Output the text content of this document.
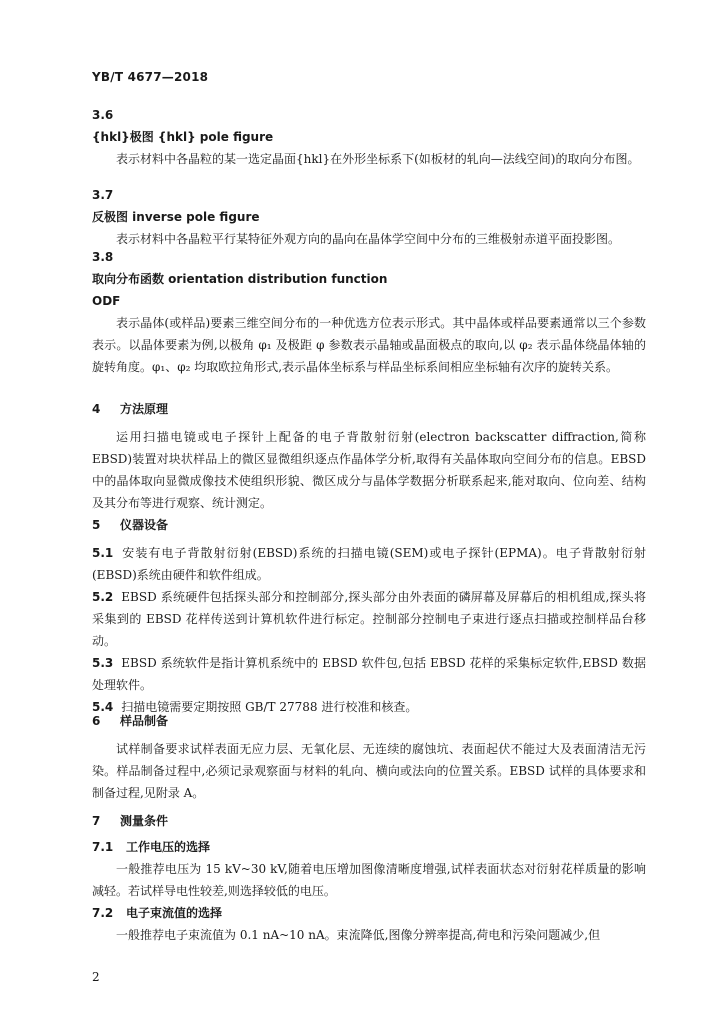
YB/T 4677—2018
3.6
{hkl}极图 {hkl} pole figure

表示材料中各晶粒的某一选定晶面{hkl}在外形坐标系下(如板材的轧向—法线空间)的取向分布图。

3.7
反极图 inverse pole figure

表示材料中各晶粒平行某特征外观方向的晶向在晶体学空间中分布的三维极射赤道平面投影图。

3.8
取向分布函数 orientation distribution function
ODF

表示晶体(或样品)要素三维空间分布的一种优选方位表示形式。其中晶体或样品要素通常以三个参数表示。以晶体要素为例,以极角 φ₁ 及极距 φ 参数表示晶轴或晶面极点的取向,以 φ₂ 表示晶体绕晶体轴的旋转角度。φ₁、φ₂ 均取欧拉角形式,表示晶体坐标系与样品坐标系间相应坐标轴有次序的旋转关系。

4 方法原理

运用扫描电镜或电子探针上配备的电子背散射衍射(electron backscatter diffraction,简称 EBSD)装置对块状样品上的微区显微组织逐点作晶体学分析,取得有关晶体取向空间分布的信息。EBSD 中的晶体取向显微成像技术使组织形貌、微区成分与晶体学数据分析联系起来,能对取向、位向差、结构及其分布等进行观察、统计测定。

5 仪器设备

5.1 安装有电子背散射衍射(EBSD)系统的扫描电镜(SEM)或电子探针(EPMA)。电子背散射衍射(EBSD)系统由硬件和软件组成。

5.2 EBSD 系统硬件包括探头部分和控制部分,探头部分由外表面的磷屏幕及屏幕后的相机组成,探头将采集到的 EBSD 花样传送到计算机软件进行标定。控制部分控制电子束进行逐点扫描或控制样品台移动。

5.3 EBSD 系统软件是指计算机系统中的 EBSD 软件包,包括 EBSD 花样的采集标定软件,EBSD 数据处理软件。

5.4 扫描电镜需要定期按照 GB/T 27788 进行校准和核查。

6 样品制备

试样制备要求试样表面无应力层、无氧化层、无连续的腐蚀坑、表面起伏不能过大及表面清洁无污染。样品制备过程中,必须记录观察面与材料的轧向、横向或法向的位置关系。EBSD 试样的具体要求和制备过程,见附录 A。

7 测量条件
7.1 工作电压的选择

一般推荐电压为 15 kV~30 kV,随着电压增加图像清晰度增强,试样表面状态对衍射花样质量的影响减轻。若试样导电性较差,则选择较低的电压。

7.2 电子束流值的选择

一般推荐电子束流值为 0.1 nA~10 nA。束流降低,图像分辨率提高,荷电和污染问题减少,但

2
